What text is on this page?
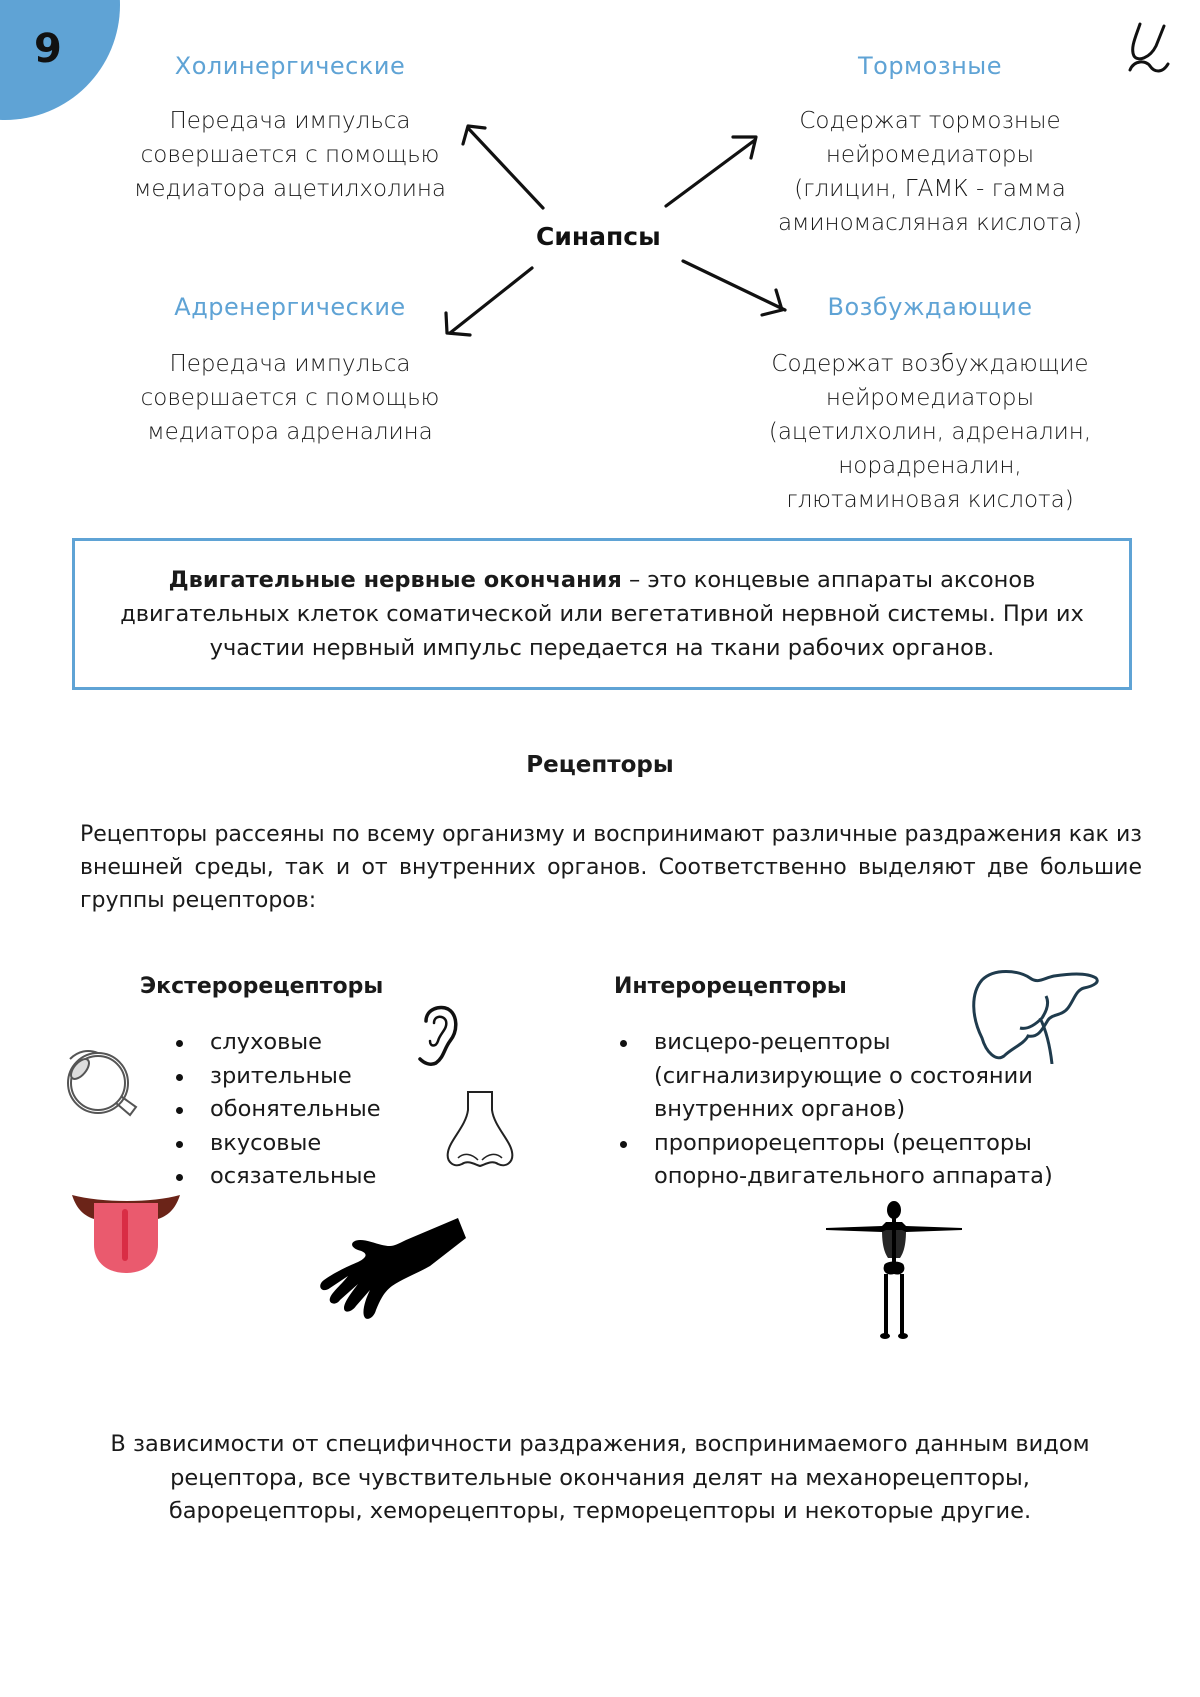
9
Синапсы
Холинергические
Передача импульса
совершается с помощью
медиатора ацетилхолина
Тормозные
Содержат тормозные
нейромедиаторы
(глицин, ГАМК - гамма
аминомасляная кислота)
Адренергические
Передача импульса
совершается с помощью
медиатора адреналина
Возбуждающие
Содержат возбуждающие
нейромедиаторы
(ацетилхолин, адреналин,
норадреналин,
глютаминовая кислота)

Двигательные нервные окончания – это концевые аппараты аксонов двигательных клеток соматической или вегетативной нервной системы. При их участии нервный импульс передается на ткани рабочих органов.

Рецепторы
Рецепторы рассеяны по всему организму и воспринимают различные раздражения как из внешней среды, так и от внутренних органов. Соответственно выделяют две большие группы рецепторов:
Экстерорецепторы
слуховые
зрительные
обонятельные
вкусовые
осязательные
Интерорецепторы
висцеро-рецепторы (сигнализирующие о состоянии внутренних органов)
проприорецепторы (рецепторы опорно-двигательного аппарата)
В зависимости от специфичности раздражения, воспринимаемого данным видом рецептора, все чувствительные окончания делят на механорецепторы, барорецепторы, хеморецепторы, терморецепторы и некоторые другие.
